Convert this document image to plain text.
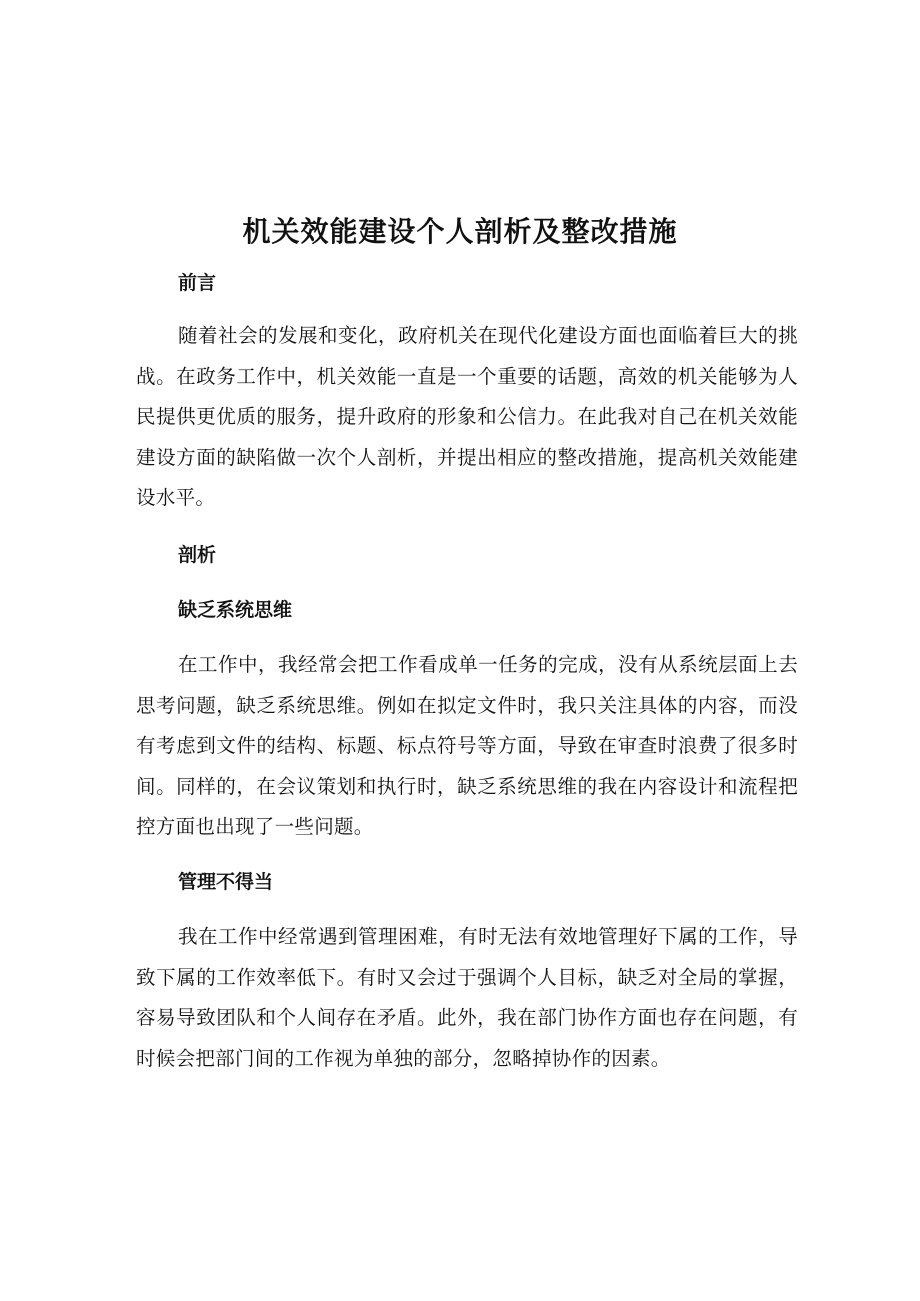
机关效能建设个人剖析及整改措施
前言

随着社会的发展和变化，政府机关在现代化建设方面也面临着巨大的挑战。在政务工作中，机关效能一直是一个重要的话题，高效的机关能够为人民提供更优质的服务，提升政府的形象和公信力。在此我对自己在机关效能建设方面的缺陷做一次个人剖析，并提出相应的整改措施，提高机关效能建设水平。

剖析
缺乏系统思维

在工作中，我经常会把工作看成单一任务的完成，没有从系统层面上去思考问题，缺乏系统思维。例如在拟定文件时，我只关注具体的内容，而没有考虑到文件的结构、标题、标点符号等方面，导致在审查时浪费了很多时间。同样的，在会议策划和执行时，缺乏系统思维的我在内容设计和流程把控方面也出现了一些问题。

管理不得当

我在工作中经常遇到管理困难，有时无法有效地管理好下属的工作，导致下属的工作效率低下。有时又会过于强调个人目标，缺乏对全局的掌握，容易导致团队和个人间存在矛盾。此外，我在部门协作方面也存在问题，有时候会把部门间的工作视为单独的部分，忽略掉协作的因素。
